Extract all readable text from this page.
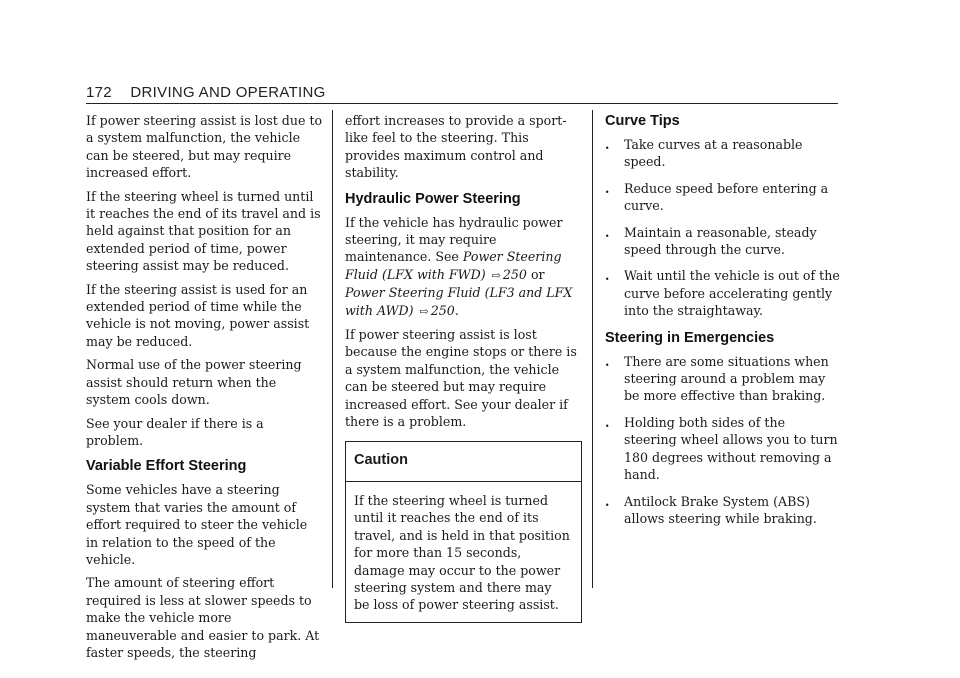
172 DRIVING AND OPERATING

If power steering assist is lost due to a system malfunction, the vehicle can be steered, but may require increased effort.

If the steering wheel is turned until it reaches the end of its travel and is held against that position for an extended period of time, power steering assist may be reduced.

If the steering assist is used for an extended period of time while the vehicle is not moving, power assist may be reduced.

Normal use of the power steering assist should return when the system cools down.

See your dealer if there is a problem.

Variable Effort Steering

Some vehicles have a steering system that varies the amount of effort required to steer the vehicle in relation to the speed of the vehicle.

The amount of steering effort required is less at slower speeds to make the vehicle more maneuverable and easier to park. At faster speeds, the steering

effort increases to provide a sport-like feel to the steering. This provides maximum control and stability.

Hydraulic Power Steering

If the vehicle has hydraulic power steering, it may require maintenance. See Power Steering Fluid (LFX with FWD) ⇨ 250 or Power Steering Fluid (LF3 and LFX with AWD) ⇨ 250.

If power steering assist is lost because the engine stops or there is a system malfunction, the vehicle can be steered but may require increased effort. See your dealer if there is a problem.

Caution

If the steering wheel is turned until it reaches the end of its travel, and is held in that position for more than 15 seconds, damage may occur to the power steering system and there may be loss of power steering assist.

Curve Tips
. Take curves at a reasonable speed.
. Reduce speed before entering a curve.
. Maintain a reasonable, steady speed through the curve.
. Wait until the vehicle is out of the curve before accelerating gently into the straightaway.
Steering in Emergencies
. There are some situations when steering around a problem may be more effective than braking.
. Holding both sides of the steering wheel allows you to turn 180 degrees without removing a hand.
. Antilock Brake System (ABS) allows steering while braking.
